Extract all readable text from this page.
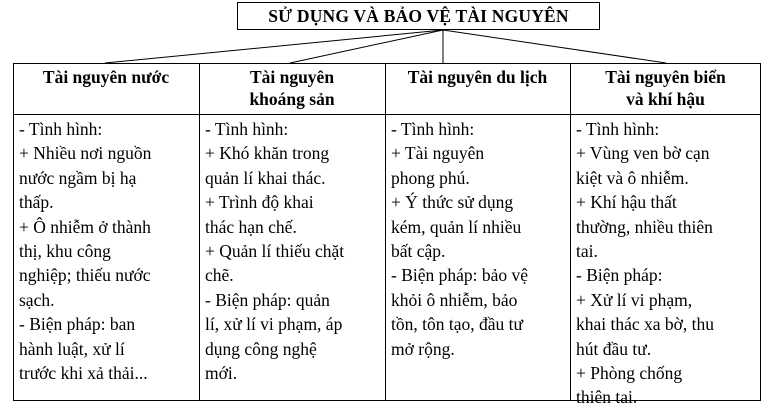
SỬ DỤNG VÀ BẢO VỆ TÀI NGUYÊN
Tài nguyên nước	Tài nguyên
khoáng sản
Tài nguyên du lịch	Tài nguyên biển
và khí hậu

- Tình hình:

+ Nhiều nơi nguồn

nước ngầm bị hạ

thấp.

+ Ô nhiễm ở thành

thị, khu công

nghiệp; thiếu nước

sạch.

- Biện pháp: ban

hành luật, xử lí

trước khi xả thải...

- Tình hình:

+ Khó khăn trong

quản lí khai thác.

+ Trình độ khai

thác hạn chế.

+ Quản lí thiếu chặt

chẽ.

- Biện pháp: quản

lí, xử lí vi phạm, áp

dụng công nghệ

mới.

- Tình hình:

+ Tài nguyên

phong phú.

+ Ý thức sử dụng

kém, quản lí nhiều

bất cập.

- Biện pháp: bảo vệ

khỏi ô nhiễm, bảo

tồn, tôn tạo, đầu tư

mở rộng.

- Tình hình:

+ Vùng ven bờ cạn

kiệt và ô nhiễm.

+ Khí hậu thất

thường, nhiều thiên

tai.

- Biện pháp:

+ Xử lí vi phạm,

khai thác xa bờ, thu

hút đầu tư.

+ Phòng chống

thiên tai.
